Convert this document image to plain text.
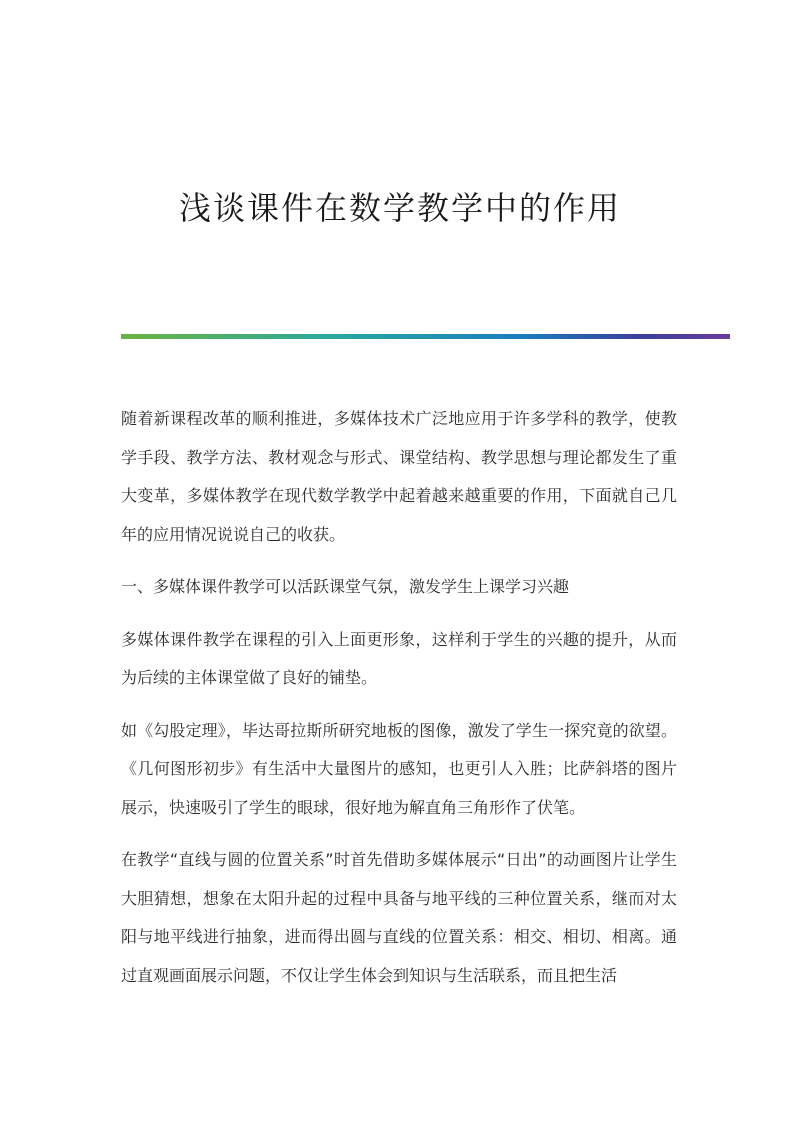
浅谈课件在数学教学中的作用

随着新课程改革的顺利推进，多媒体技术广泛地应用于许多学科的教学，使教学手段、教学方法、教材观念与形式、课堂结构、教学思想与理论都发生了重大变革，多媒体教学在现代数学教学中起着越来越重要的作用，下面就自己几年的应用情况说说自己的收获。

一、多媒体课件教学可以活跃课堂气氛，激发学生上课学习兴趣

多媒体课件教学在课程的引入上面更形象，这样利于学生的兴趣的提升，从而为后续的主体课堂做了良好的铺垫。

如《勾股定理》，毕达哥拉斯所研究地板的图像，激发了学生一探究竟的欲望。《几何图形初步》有生活中大量图片的感知，也更引人入胜；比萨斜塔的图片展示，快速吸引了学生的眼球，很好地为解直角三角形作了伏笔。

在教学“直线与圆的位置关系”时首先借助多媒体展示“日出”的动画图片让学生大胆猜想，想象在太阳升起的过程中具备与地平线的三种位置关系，继而对太阳与地平线进行抽象，进而得出圆与直线的位置关系：相交、相切、相离。通过直观画面展示问题，不仅让学生体会到知识与生活联系，而且把生活
